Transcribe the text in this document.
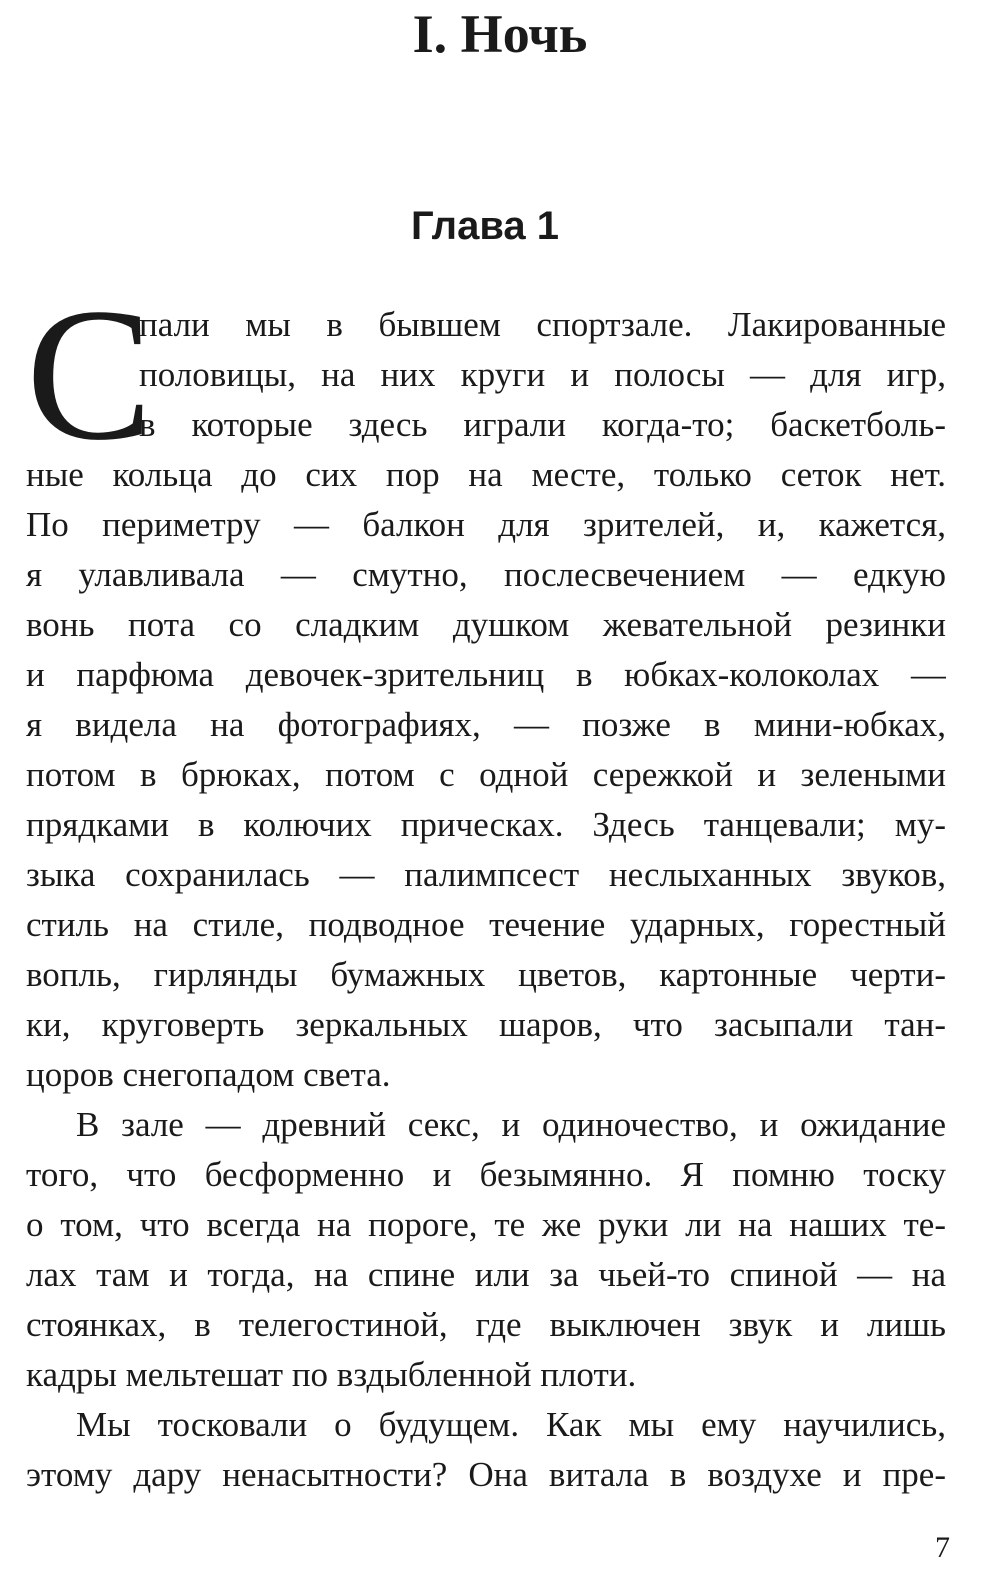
I. Ночь
Глава 1
С
пали мы в бывшем спортзале. Лакированные
половицы, на них круги и полосы — для игр,
в которые здесь играли когда-то; баскетболь-
ные кольца до сих пор на месте, только сеток нет.
По периметру — балкон для зрителей, и, кажется,
я улавливала — смутно, послесвечением — едкую
вонь пота со сладким душком жевательной резинки
и парфюма девочек-зрительниц в юбках-колоколах —
я видела на фотографиях, — позже в мини-юбках,
потом в брюках, потом с одной сережкой и зелеными
прядками в колючих прическах. Здесь танцевали; му-
зыка сохранилась — палимпсест неслыханных звуков,
стиль на стиле, подводное течение ударных, горестный
вопль, гирлянды бумажных цветов, картонные черти-
ки, круговерть зеркальных шаров, что засыпали тан-
цоров снегопадом света.
В зале — древний секс, и одиночество, и ожидание
того, что бесформенно и безымянно. Я помню тоску
о том, что всегда на пороге, те же руки ли на наших те-
лах там и тогда, на спине или за чьей-то спиной — на
стоянках, в телегостиной, где выключен звук и лишь
кадры мельтешат по вздыбленной плоти.
Мы тосковали о будущем. Как мы ему научились,
этому дару ненасытности? Она витала в воздухе и пре-
7
